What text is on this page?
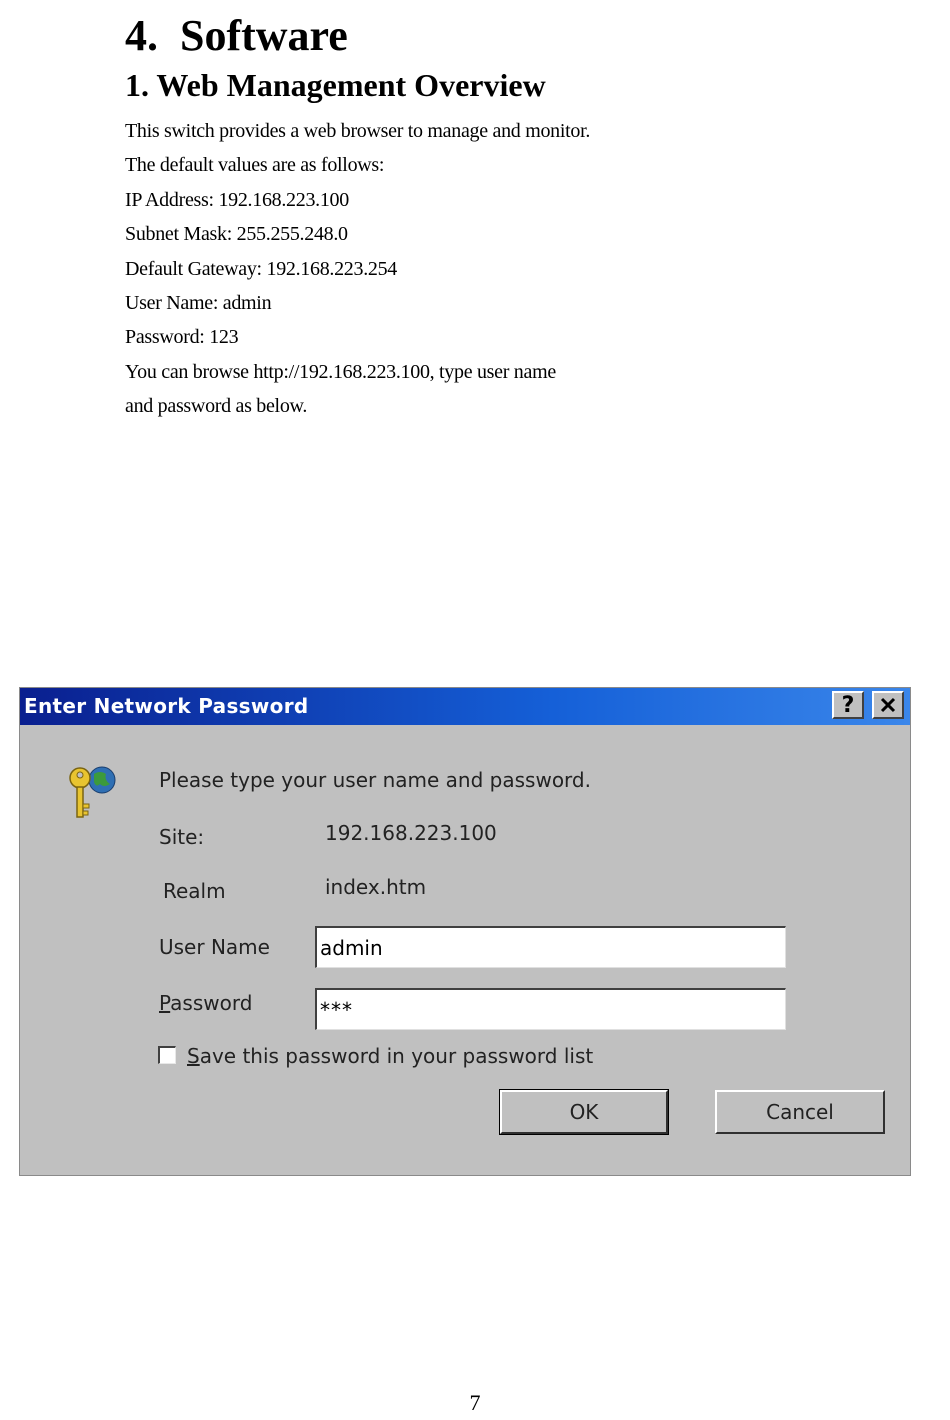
4.  Software
1. Web Management Overview

This switch provides a web browser to manage and monitor.

The default values are as follows:

IP Address: 192.168.223.100

Subnet Mask: 255.255.248.0

Default Gateway: 192.168.223.254

User Name: admin

Password: 123

You can browse http://192.168.223.100, type user name

and password as below.

Enter Network Password	?
Please type your user name and password.
Site:	192.168.223.100
Realm	index.htm
User Name
admin
Password
***
Save this password in your password list
OK	Cancel
7
